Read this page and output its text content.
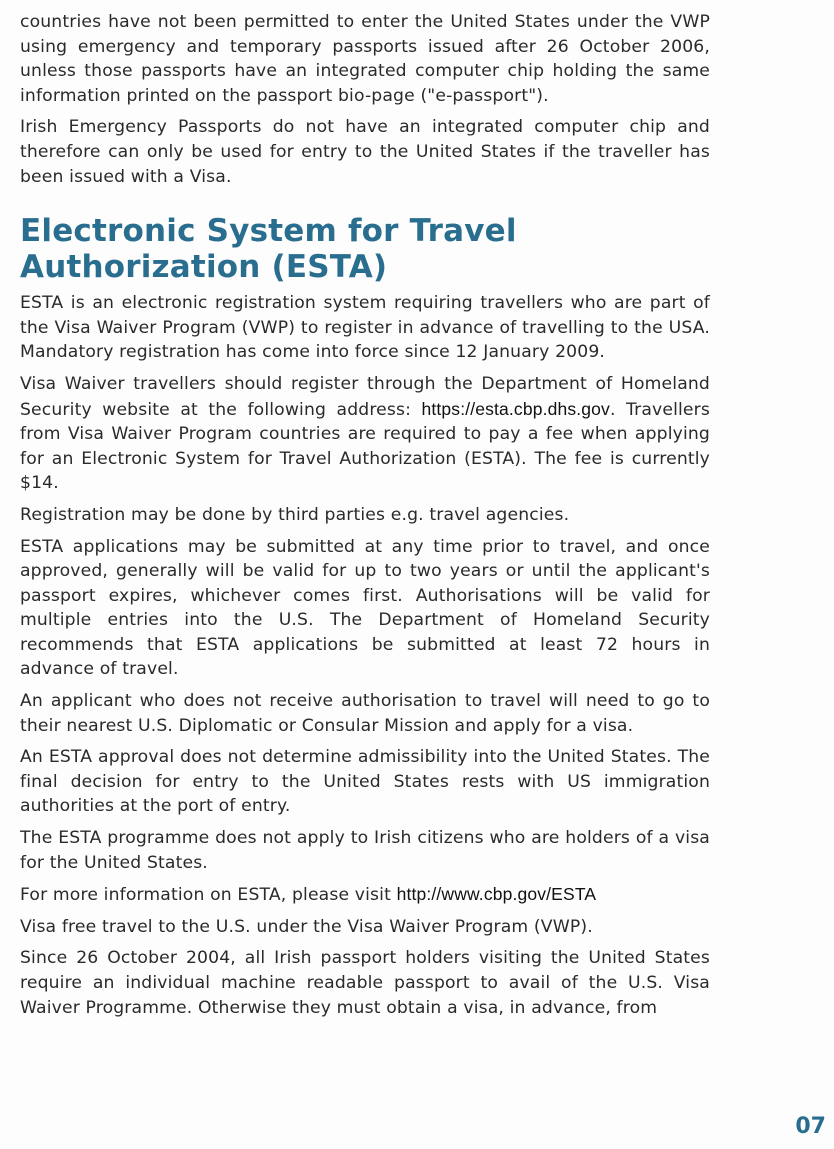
countries have not been permitted to enter the United States under the VWP using emergency and temporary passports issued after 26 October 2006, unless those passports have an integrated computer chip holding the same information printed on the passport bio-page ("e-passport").

Irish Emergency Passports do not have an integrated computer chip and therefore can only be used for entry to the United States if the traveller has been issued with a Visa.

Electronic System for Travel Authorization (ESTA)

ESTA is an electronic registration system requiring travellers who are part of the Visa Waiver Program (VWP) to register in advance of travelling to the USA. Mandatory registration has come into force since 12 January 2009.

Visa Waiver travellers should register through the Department of Homeland Security website at the following address: https://esta.cbp.dhs.gov. Travellers from Visa Waiver Program countries are required to pay a fee when applying for an Electronic System for Travel Authorization (ESTA). The fee is currently $14.

Registration may be done by third parties e.g. travel agencies.

ESTA applications may be submitted at any time prior to travel, and once approved, generally will be valid for up to two years or until the applicant's passport expires, whichever comes first. Authorisations will be valid for multiple entries into the U.S. The Department of Homeland Security recommends that ESTA applications be submitted at least 72 hours in advance of travel.

An applicant who does not receive authorisation to travel will need to go to their nearest U.S. Diplomatic or Consular Mission and apply for a visa.

An ESTA approval does not determine admissibility into the United States. The final decision for entry to the United States rests with US immigration authorities at the port of entry.

The ESTA programme does not apply to Irish citizens who are holders of a visa for the United States.

For more information on ESTA, please visit http://www.cbp.gov/ESTA

Visa free travel to the U.S. under the Visa Waiver Program (VWP).

Since 26 October 2004, all Irish passport holders visiting the United States require an individual machine readable passport to avail of the U.S. Visa Waiver Programme. Otherwise they must obtain a visa, in advance, from

07
